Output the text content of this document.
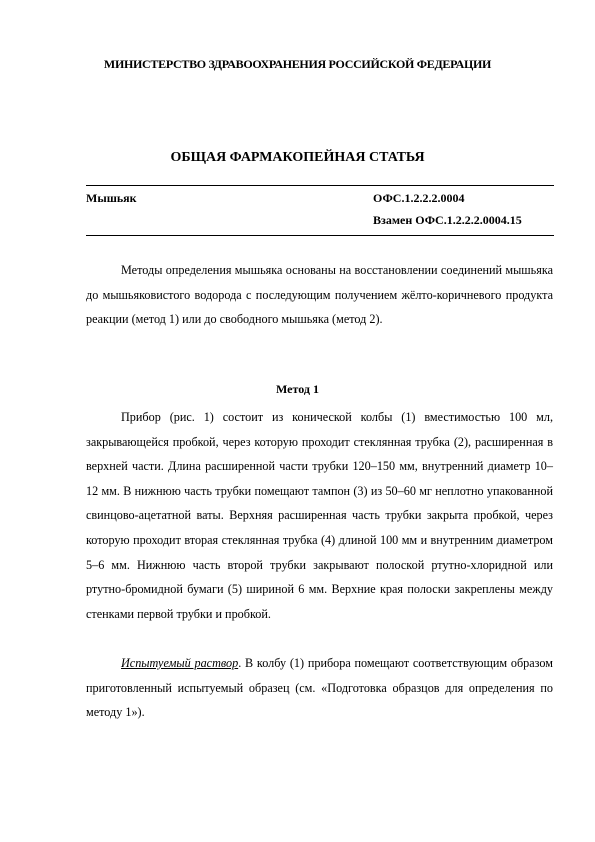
МИНИСТЕРСТВО ЗДРАВООХРАНЕНИЯ РОССИЙСКОЙ ФЕДЕРАЦИИ
ОБЩАЯ ФАРМАКОПЕЙНАЯ СТАТЬЯ
Мышьяк	ОФС.1.2.2.2.0004
Взамен ОФС.1.2.2.2.0004.15

Методы определения мышьяка основаны на восстановлении соединений мышьяка до мышьяковистого водорода с последующим получением жёлто-коричневого продукта реакции (метод 1) или до свободного мышьяка (метод 2).

Метод 1

Прибор (рис. 1) состоит из конической колбы (1) вместимостью 100 мл, закрывающейся пробкой, через которую проходит стеклянная трубка (2), расширенная в верхней части. Длина расширенной части трубки 120–150 мм, внутренний диаметр 10–12 мм. В нижнюю часть трубки помещают тампон (3) из 50–60 мг неплотно упакованной свинцово-ацетатной ваты. Верхняя расширенная часть трубки закрыта пробкой, через которую проходит вторая стеклянная трубка (4) длиной 100 мм и внутренним диаметром 5–6 мм. Нижнюю часть второй трубки закрывают полоской ртутно-хлоридной или ртутно-бромидной бумаги (5) шириной 6 мм. Верхние края полоски закреплены между стенками первой трубки и пробкой.

Испытуемый раствор. В колбу (1) прибора помещают соответствующим образом приготовленный испытуемый образец (см. «Подготовка образцов для определения по методу 1»).
